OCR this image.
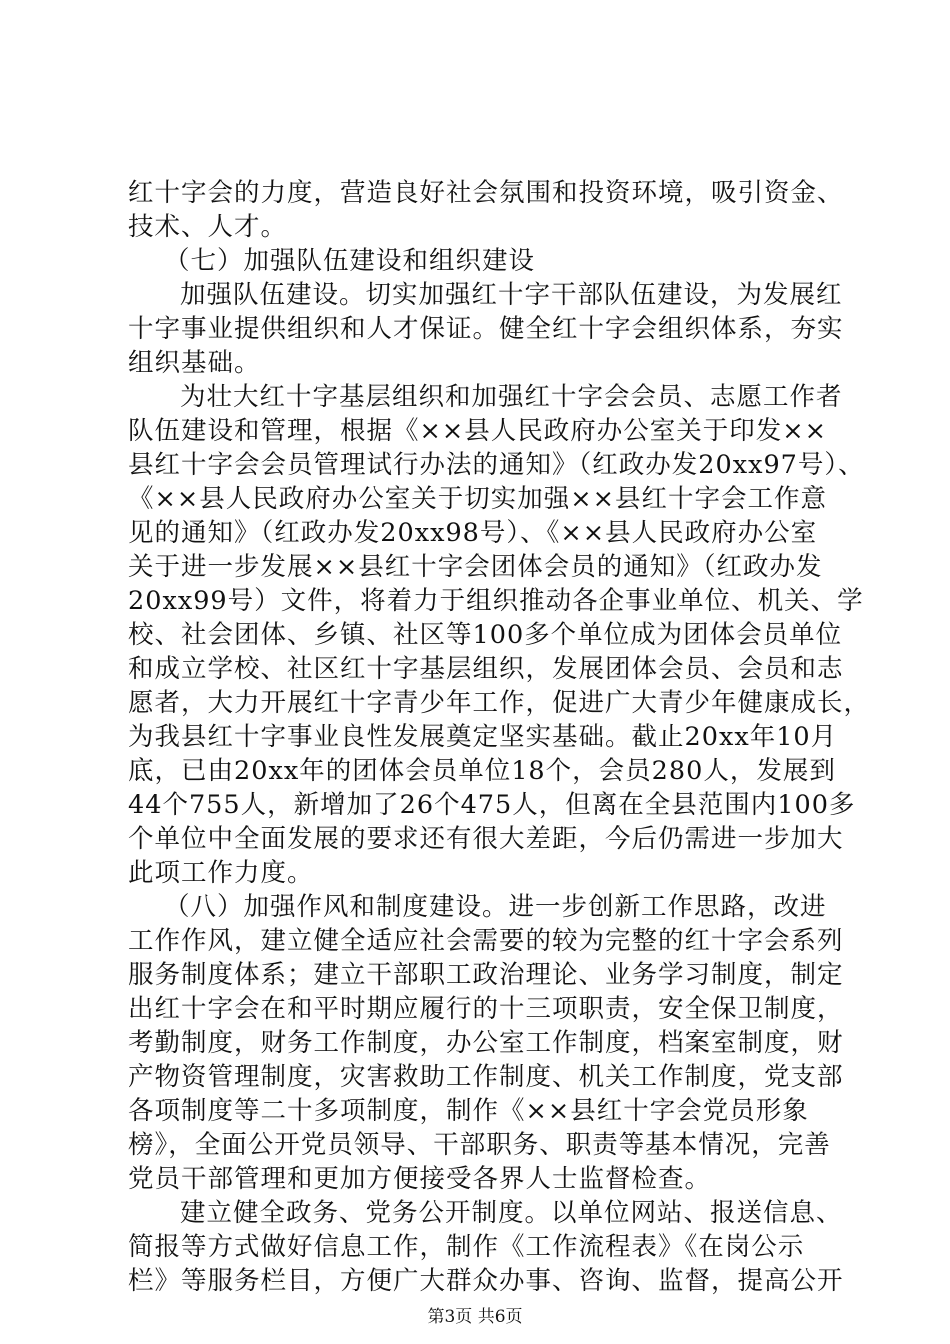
红十字会的力度，营造良好社会氛围和投资环境，吸引资金、
技术、人才。
（七）加强队伍建设和组织建设
加强队伍建设。切实加强红十字干部队伍建设，为发展红
十字事业提供组织和人才保证。健全红十字会组织体系，夯实
组织基础。
为壮大红十字基层组织和加强红十字会会员、志愿工作者
队伍建设和管理，根据《××县人民政府办公室关于印发××
县红十字会会员管理试行办法的通知》（红政办发20xx97号）、
《××县人民政府办公室关于切实加强××县红十字会工作意
见的通知》（红政办发20xx98号）、《××县人民政府办公室
关于进一步发展××县红十字会团体会员的通知》（红政办发
20xx99号）文件，将着力于组织推动各企事业单位、机关、学
校、社会团体、乡镇、社区等100多个单位成为团体会员单位
和成立学校、社区红十字基层组织，发展团体会员、会员和志
愿者，大力开展红十字青少年工作，促进广大青少年健康成长，
为我县红十字事业良性发展奠定坚实基础。截止20xx年10月
底，已由20xx年的团体会员单位18个，会员280人，发展到
44个755人，新增加了26个475人，但离在全县范围内100多
个单位中全面发展的要求还有很大差距，今后仍需进一步加大
此项工作力度。
（八）加强作风和制度建设。进一步创新工作思路，改进
工作作风，建立健全适应社会需要的较为完整的红十字会系列
服务制度体系；建立干部职工政治理论、业务学习制度，制定
出红十字会在和平时期应履行的十三项职责，安全保卫制度，
考勤制度，财务工作制度，办公室工作制度，档案室制度，财
产物资管理制度，灾害救助工作制度、机关工作制度，党支部
各项制度等二十多项制度，制作《××县红十字会党员形象
榜》，全面公开党员领导、干部职务、职责等基本情况，完善
党员干部管理和更加方便接受各界人士监督检查。
建立健全政务、党务公开制度。以单位网站、报送信息、
简报等方式做好信息工作，制作《工作流程表》《在岗公示
栏》等服务栏目，方便广大群众办事、咨询、监督，提高公开
第3页 共6页
